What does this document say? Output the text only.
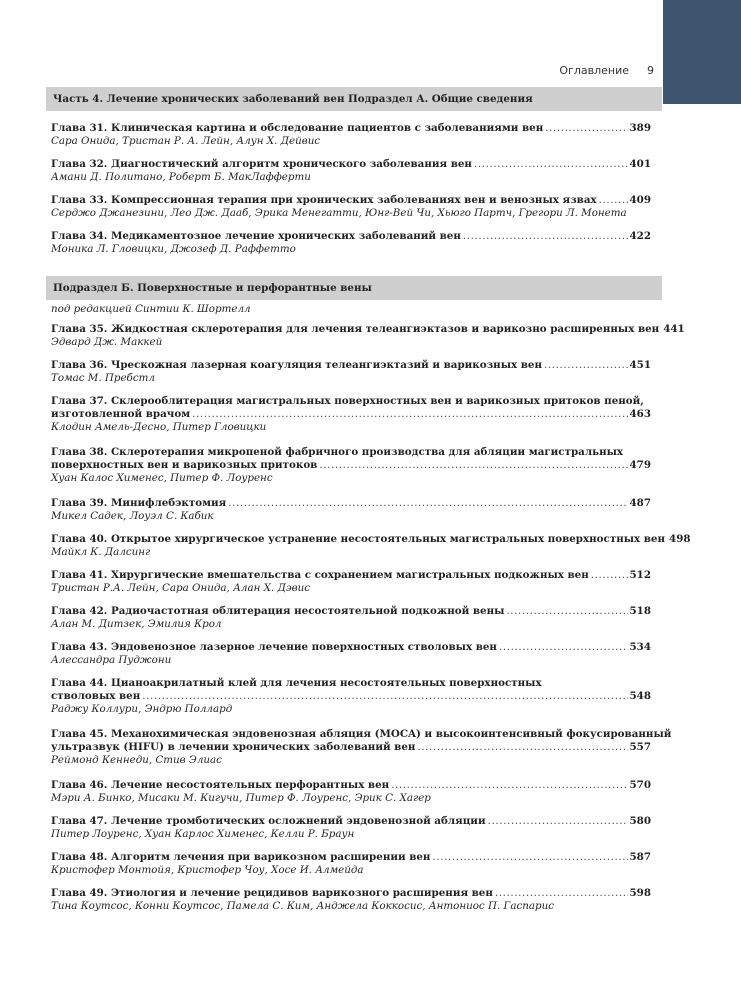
Оглавление 9
Часть 4. Лечение хронических заболеваний вен Подраздел А. Общие сведения
Подраздел Б. Поверхностные и перфорантные вены
под редакцией Синтии К. Шортелл
Глава 31. Клиническая картина и обследование пациентов с заболеваниями вен .....	389
Сара Онида, Тристан Р. А. Лейн, Алун Х. Дейвис
Глава 32. Диагностический алгоритм хронического заболевания вен .....	401
Амани Д. Политано, Роберт Б. МакЛафферти
Глава 33. Компрессионная терапия при хронических заболеваниях вен и венозных язвах .....	409
Серджо Джанезини, Лео Дж. Дааб, Эрика Менегатти, Юнг-Вей Чи, Хьюго Партч, Грегори Л. Монета
Глава 34. Медикаментозное лечение хронических заболеваний вен .....	422
Моника Л. Гловицки, Джозеф Д. Раффетто
Глава 35. Жидкостная склеротерапия для лечения телеангиэктазов и варикозно расширенных вен 441
Эдвард Дж. Маккей
Глава 36. Чрескожная лазерная коагуляция телеангиэктазий и варикозных вен .....	451
Томас М. Пребстл
Глава 37. Склерооблитерация магистральных поверхностных вен и варикозных притоков пеной,
изготовленной врачом .....	463
Клодин Амель-Десно, Питер Гловицки
Глава 38. Склеротерапия микропеной фабричного производства для абляции магистральных
поверхностных вен и варикозных притоков .....	479
Хуан Калос Хименес, Питер Ф. Лоуренс
Глава 39. Минифлебэктомия .....	487
Микел Садек, Лоуэл С. Кабик
Глава 40. Открытое хирургическое устранение несостоятельных магистральных поверхностных вен 498
Майкл К. Далсинг
Глава 41. Хирургические вмешательства с сохранением магистральных подкожных вен .....	512
Тристан Р.А. Лейн, Сара Онида, Алан Х. Дэвис
Глава 42. Радиочастотная облитерация несостоятельной подкожной вены .....	518
Алан М. Дитзек, Эмилия Крол
Глава 43. Эндовенозное лазерное лечение поверхностных стволовых вен .....	534
Алессандра Пуджони
Глава 44. Цианоакрилатный клей для лечения несостоятельных поверхностных
стволовых вен .....	548
Раджу Коллури, Эндрю Поллард
Глава 45. Механохимическая эндовенозная абляция (MOCA) и высокоинтенсивный фокусированный
ультразвук (HIFU) в лечении хронических заболеваний вен .....	557
Реймонд Кеннеди, Стив Элиас
Глава 46. Лечение несостоятельных перфорантных вен .....	570
Мэри А. Бинко, Мисаки М. Кигучи, Питер Ф. Лоуренс, Эрик С. Хагер
Глава 47. Лечение тромботических осложнений эндовенозной абляции .....	580
Питер Лоуренс, Хуан Карлос Хименес, Келли Р. Браун
Глава 48. Алгоритм лечения при варикозном расширении вен .....	587
Кристофер Монтойя, Кристофер Чоу, Хосе И. Алмейда
Глава 49. Этиология и лечение рецидивов варикозного расширения вен .....	598
Тина Коутсос, Конни Коутсос, Памела С. Ким, Анджела Коккосис, Антониос П. Гаспарис
